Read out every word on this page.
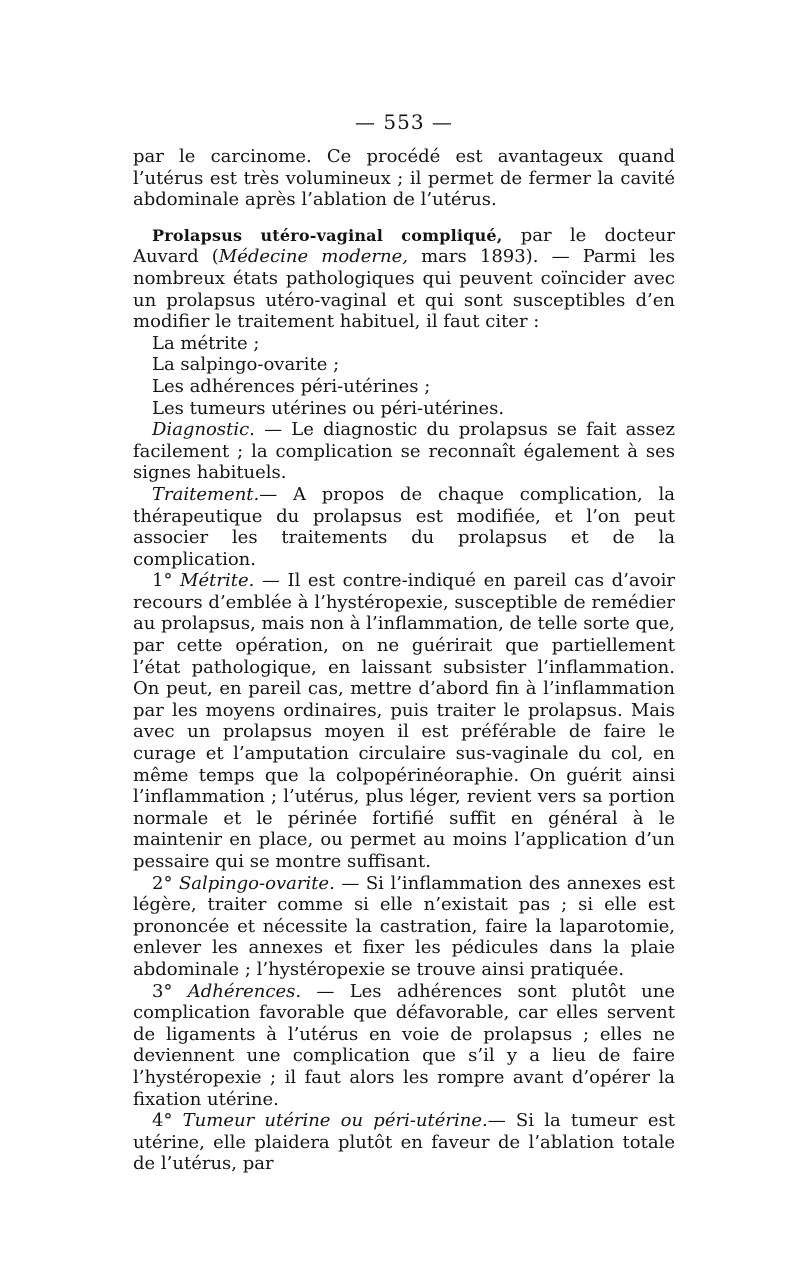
— 553 —

par le carcinome. Ce procédé est avantageux quand l’utérus est très volumineux ; il permet de fermer la cavité abdominale après l’ablation de l’utérus.

Prolapsus utéro-vaginal compliqué, par le docteur Auvard (Médecine moderne, mars 1893). — Parmi les nombreux états pathologiques qui peuvent coïncider avec un prolapsus utéro-vaginal et qui sont susceptibles d’en modifier le traitement habituel, il faut citer :

La métrite ;

La salpingo-ovarite ;

Les adhérences péri-utérines ;

Les tumeurs utérines ou péri-utérines.

Diagnostic. — Le diagnostic du prolapsus se fait assez facilement ; la complication se reconnaît également à ses signes habituels.

Traitement.— A propos de chaque complication, la thérapeutique du prolapsus est modifiée, et l’on peut associer les traitements du prolapsus et de la complication.

1° Métrite. — Il est contre-indiqué en pareil cas d’avoir recours d’emblée à l’hystéropexie, susceptible de remédier au prolapsus, mais non à l’inflammation, de telle sorte que, par cette opération, on ne guérirait que partiellement l’état pathologique, en laissant subsister l’inflammation. On peut, en pareil cas, mettre d’abord fin à l’inflammation par les moyens ordinaires, puis traiter le prolapsus. Mais avec un prolapsus moyen il est préférable de faire le curage et l’amputation circulaire sus-vaginale du col, en même temps que la colpopérinéoraphie. On guérit ainsi l’inflammation ; l’utérus, plus léger, revient vers sa portion normale et le périnée fortifié suffit en général à le maintenir en place, ou permet au moins l’application d’un pessaire qui se montre suffisant.

2° Salpingo-ovarite. — Si l’inflammation des annexes est légère, traiter comme si elle n’existait pas ; si elle est prononcée et nécessite la castration, faire la laparotomie, enlever les annexes et fixer les pédicules dans la plaie abdominale ; l’hystéropexie se trouve ainsi pratiquée.

3° Adhérences. — Les adhérences sont plutôt une complication favorable que défavorable, car elles servent de ligaments à l’utérus en voie de prolapsus ; elles ne deviennent une complication que s’il y a lieu de faire l’hystéropexie ; il faut alors les rompre avant d’opérer la fixation utérine.

4° Tumeur utérine ou péri-utérine.— Si la tumeur est utérine, elle plaidera plutôt en faveur de l’ablation totale de l’utérus, par
